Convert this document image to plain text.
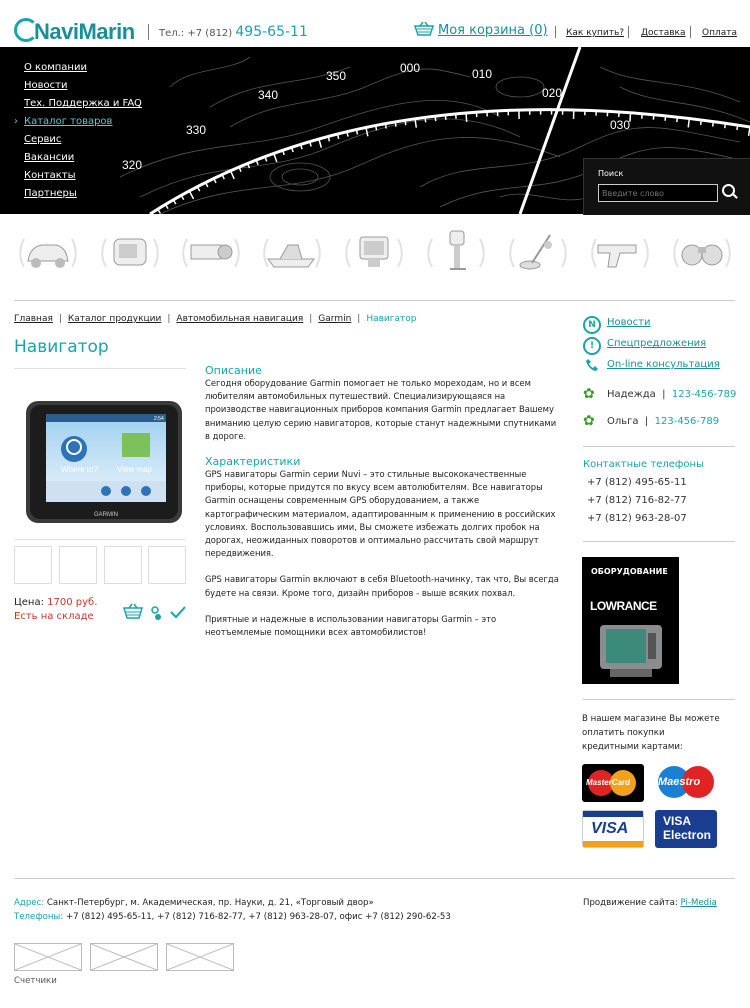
NaviMarin	Тел.: +7 (812) 495-65-11	Моя корзина (0) Как купить? Доставка Оплата
330
340
350
000	010
020
030
320
О компании
Новости
Тех. Поддержка и FAQ
› Каталог товаров
Сервис
Вакансии
Контакты
Партнеры
Поиск
Введите слово
Главная | Каталог продукции | Автомобильная навигация | Garmin | Навигатор
Навигатор
2:54
Where to? View map
GARMIN
Цена: 1700 руб.
Есть на складе
Описание

Сегодня оборудование Garmin помогает не только мореходам, но и всем любителям автомобильных путешествий. Специализирующаяся на производстве навигационных приборов компания Garmin предлагает Вашему вниманию целую серию навигаторов, которые станут надежными спутниками в дороге.

Характеристики

GPS навигаторы Garmin серии Nuvi – это стильные высококачественные приборы, которые придутся по вкусу всем автолюбителям. Все навигаторы Garmin оснащены современным GPS оборудованием, а также картографическим материалом, адаптированным к применению в российских условиях. Воспользовавшись ими, Вы сможете избежать долгих пробок на дорогах, неожиданных поворотов и оптимально рассчитать свой маршрут передвижения.

GPS навигаторы Garmin включают в себя Bluetooth-начинку, так что, Вы всегда будете на связи. Кроме того, дизайн приборов - выше всяких похвал.

Приятные и надежные в использовании навигаторы Garmin – это неотъемлемые помощники всех автомобилистов!

N	Новости
!	Спецпредложения
On-line консультация
✿ Надежда  |  123-456-789
✿ Ольга  |  123-456-789
Контактные телефоны
+7 (812) 495-65-11
+7 (812) 716-82-77
+7 (812) 963-28-07
ОБОРУДОВАНИЕ
LOWRANCE
В нашем магазине Вы можете оплатить покупки кредитными картами:
MasterCard	Maestro
VISA	VISA Electron
Адрес: Санкт-Петербург, м. Академическая, пр. Науки, д. 21, «Торговый двор»
Телефоны: +7 (812) 495-65-11, +7 (812) 716-82-77, +7 (812) 963-28-07, офис +7 (812) 290-62-53
Продвижение сайта: Pi-Media
Счетчики
